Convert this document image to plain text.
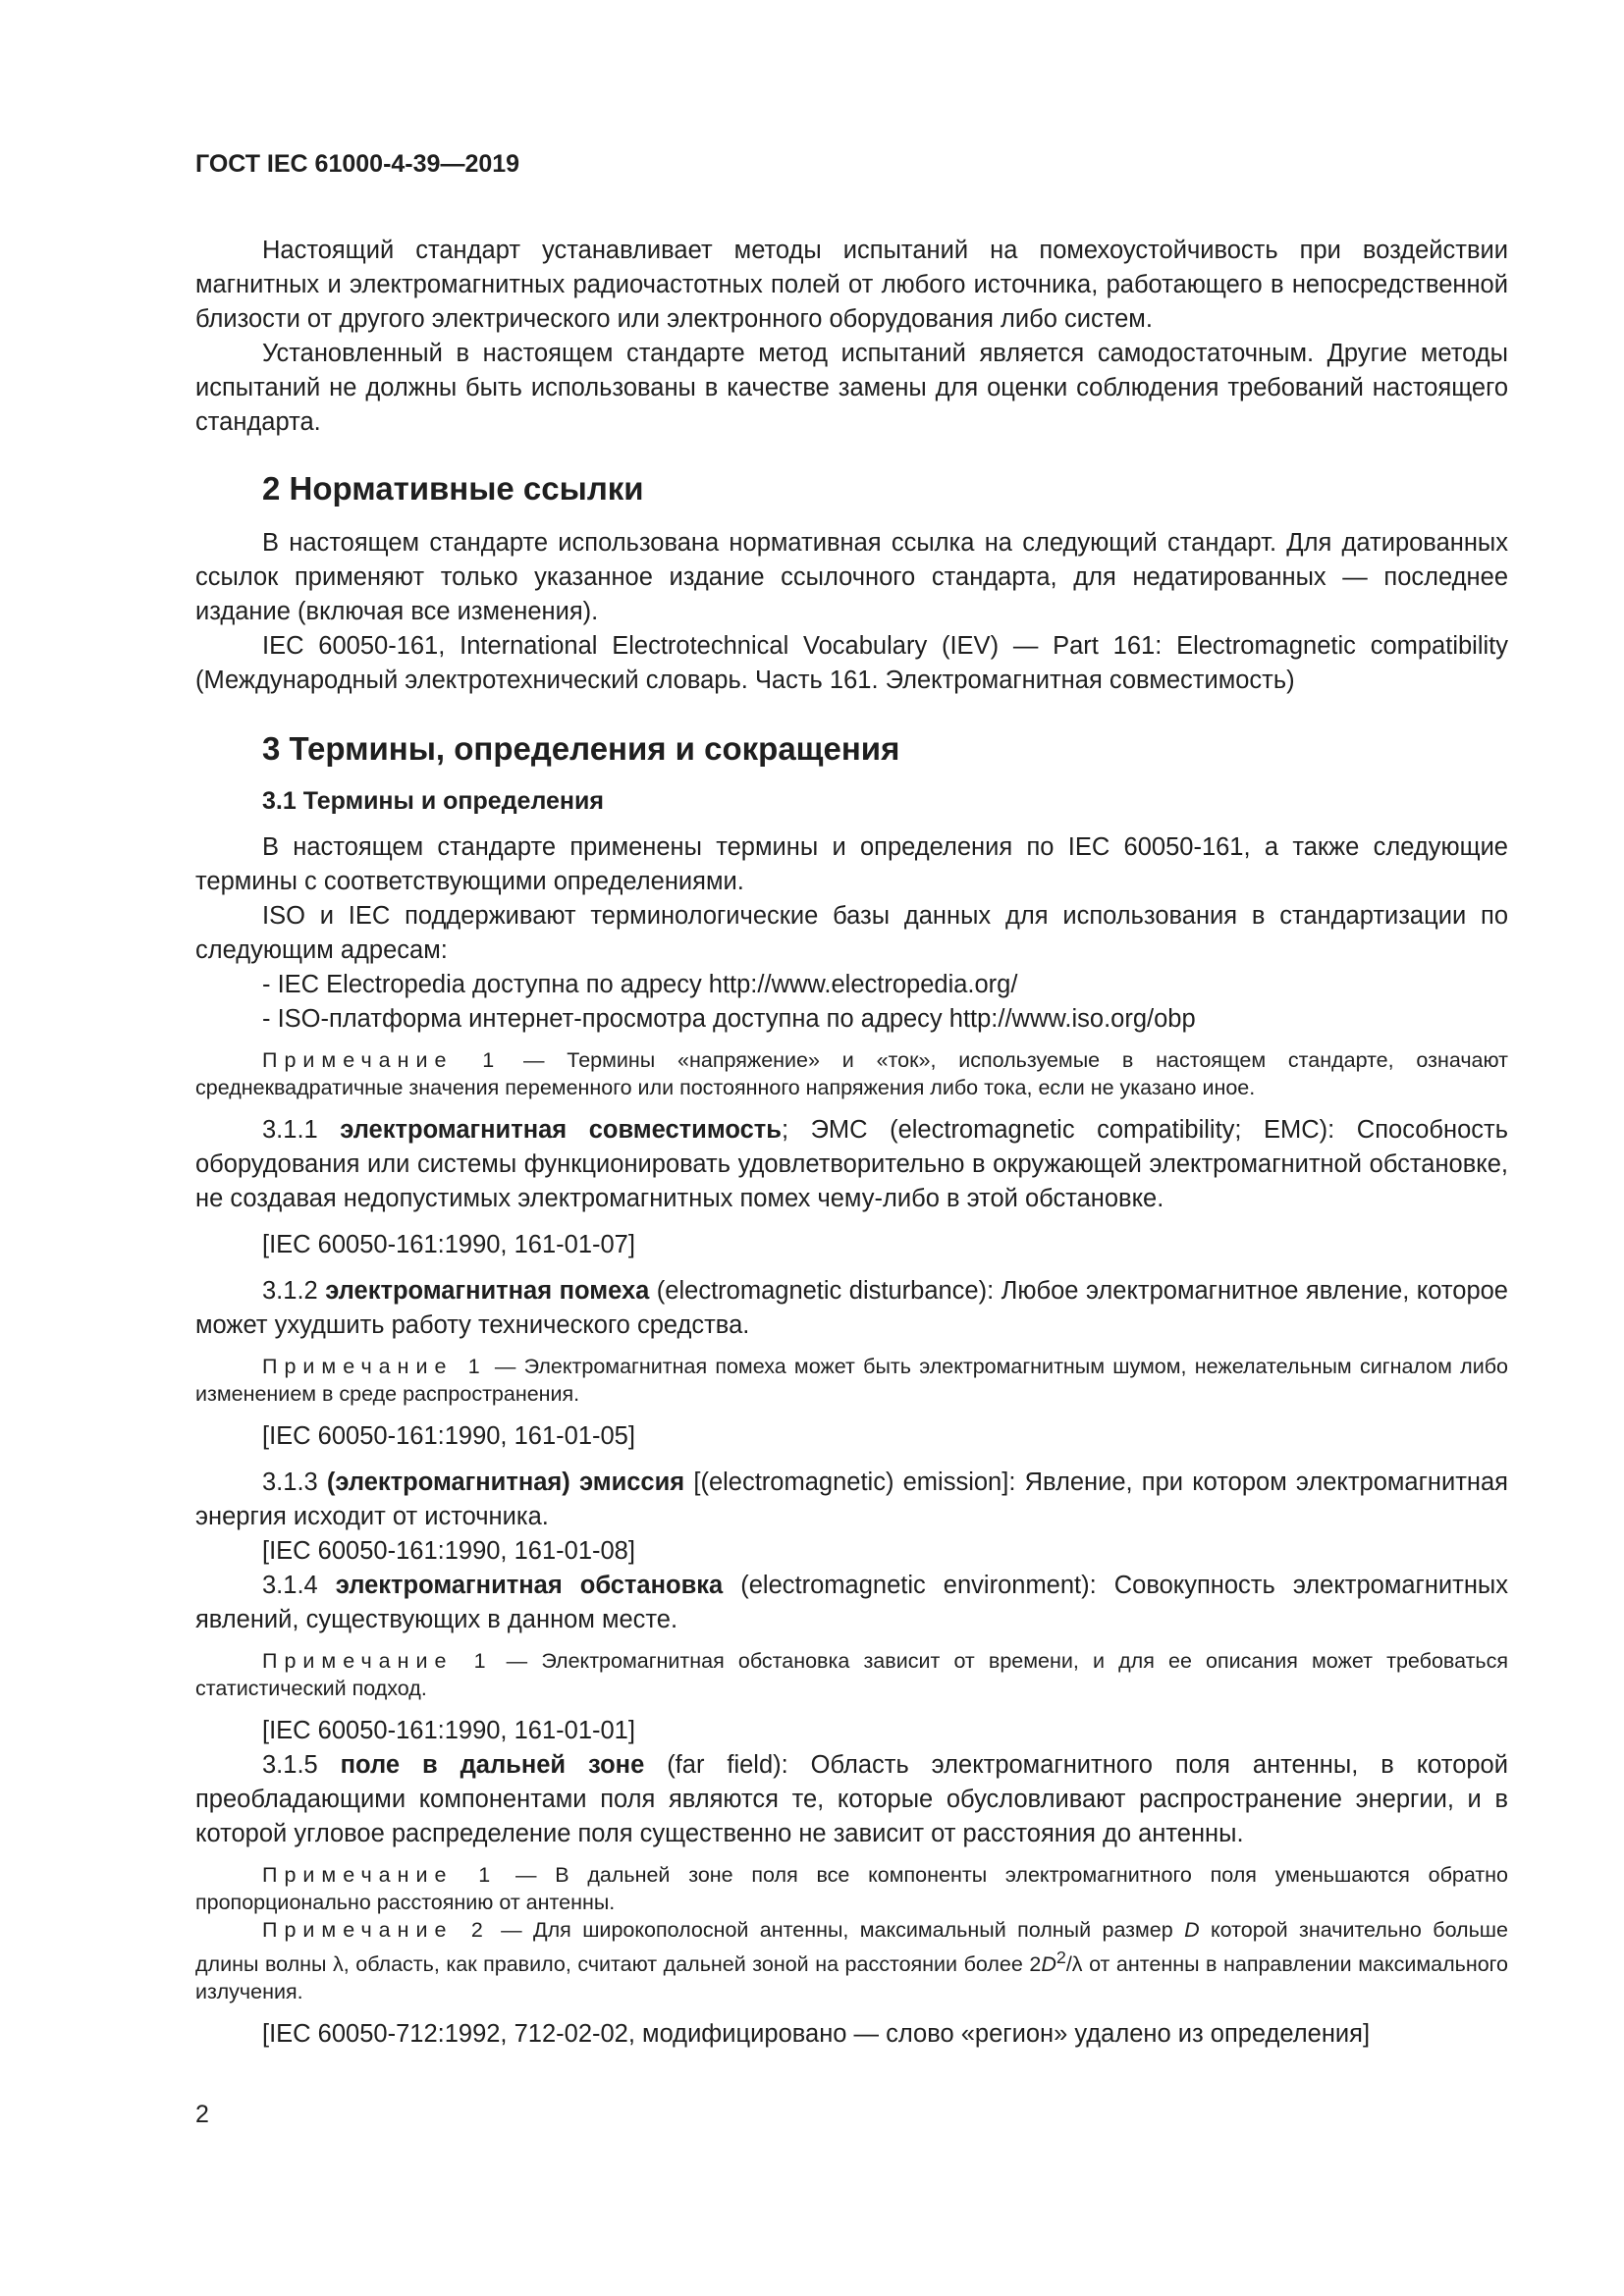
ГОСТ IEC 61000-4-39—2019

Настоящий стандарт устанавливает методы испытаний на помехоустойчивость при воздействии магнитных и электромагнитных радиочастотных полей от любого источника, работающего в непосредственной близости от другого электрического или электронного оборудования либо систем.

Установленный в настоящем стандарте метод испытаний является самодостаточным. Другие методы испытаний не должны быть использованы в качестве замены для оценки соблюдения требований настоящего стандарта.

2 Нормативные ссылки

В настоящем стандарте использована нормативная ссылка на следующий стандарт. Для датированных ссылок применяют только указанное издание ссылочного стандарта, для недатированных — последнее издание (включая все изменения).

IEC 60050-161, International Electrotechnical Vocabulary (IEV) — Part 161: Electromagnetic compatibility (Международный электротехнический словарь. Часть 161. Электромагнитная совместимость)

3 Термины, определения и сокращения
3.1 Термины и определения

В настоящем стандарте применены термины и определения по IEC 60050-161, а также следующие термины с соответствующими определениями.

ISO и IEC поддерживают терминологические базы данных для использования в стандартизации по следующим адресам:

- IEC Electropedia доступна по адресу http://www.electropedia.org/

- ISO-платформа интернет-просмотра доступна по адресу http://www.iso.org/obp

Примечание 1 — Термины «напряжение» и «ток», используемые в настоящем стандарте, означают среднеквадратичные значения переменного или постоянного напряжения либо тока, если не указано иное.

3.1.1 электромагнитная совместимость; ЭМС (electromagnetic compatibility; EMC): Способность оборудования или системы функционировать удовлетворительно в окружающей электромагнитной обстановке, не создавая недопустимых электромагнитных помех чему-либо в этой обстановке.

[IEC 60050-161:1990, 161-01-07]

3.1.2 электромагнитная помеха (electromagnetic disturbance): Любое электромагнитное явление, которое может ухудшить работу технического средства.

Примечание 1 — Электромагнитная помеха может быть электромагнитным шумом, нежелательным сигналом либо изменением в среде распространения.

[IEC 60050-161:1990, 161-01-05]

3.1.3 (электромагнитная) эмиссия [(electromagnetic) emission]: Явление, при котором электромагнитная энергия исходит от источника.

[IEC 60050-161:1990, 161-01-08]

3.1.4 электромагнитная обстановка (electromagnetic environment): Совокупность электромагнитных явлений, существующих в данном месте.

Примечание 1 — Электромагнитная обстановка зависит от времени, и для ее описания может требоваться статистический подход.

[IEC 60050-161:1990, 161-01-01]

3.1.5 поле в дальней зоне (far field): Область электромагнитного поля антенны, в которой преобладающими компонентами поля являются те, которые обусловливают распространение энергии, и в которой угловое распределение поля существенно не зависит от расстояния до антенны.

Примечание 1 — В дальней зоне поля все компоненты электромагнитного поля уменьшаются обратно пропорционально расстоянию от антенны.

Примечание 2 — Для широкополосной антенны, максимальный полный размер D которой значительно больше длины волны λ, область, как правило, считают дальней зоной на расстоянии более $2D^2/\lambda$ от антенны в направлении максимального излучения.

[IEC 60050-712:1992, 712-02-02, модифицировано — слово «регион» удалено из определения]

2
